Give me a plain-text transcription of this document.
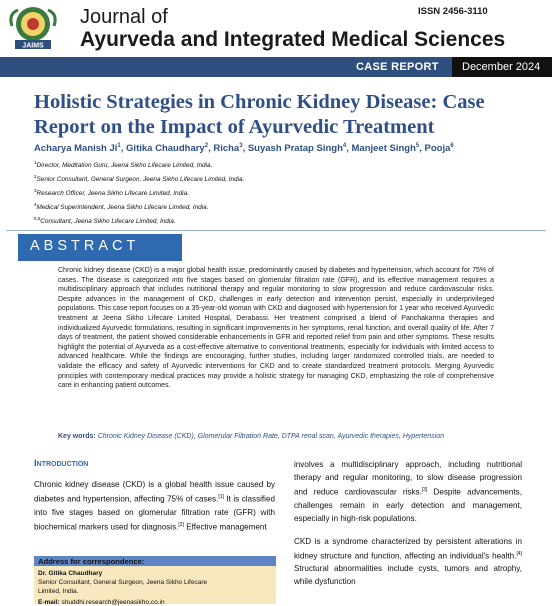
JAIMS
Journal of
Ayurveda and Integrated Medical Sciences
ISSN 2456-3110
CASE REPORT December 2024
Holistic Strategies in Chronic Kidney Disease: Case
Report on the Impact of Ayurvedic Treatment
Acharya Manish Ji$^1$, Gitika Chaudhary$^2$, Richa$^3$, Suyash Pratap Singh$^4$, Manjeet Singh$^5$, Pooja$^6$
$^1$Director, Meditation Guru, Jeena Sikho Lifecare Limited, India.
$^2$Senior Consultant, General Surgeon, Jeena Sikho Lifecare Limited, India.
$^3$Research Officer, Jeena Sikho Lifecare Limited, India.
$^4$Medical Superintendent, Jeena Sikho Lifecare Limited, India.
$^{5,6}$Consultant, Jeena Sikho Lifecare Limited, India.
ABSTRACT
Chronic kidney disease (CKD) is a major global health issue, predominantly caused by diabetes and hypertension, which account for 75% of cases. The disease is categorized into five stages based on glomerular filtration rate (GFR), and its effective management requires a multidisciplinary approach that includes nutritional therapy and regular monitoring to slow progression and reduce cardiovascular risks. Despite advances in the management of CKD, challenges in early detection and intervention persist, especially in underprivileged populations. This case report focuses on a 35-year-old woman with CKD and diagnosed with hypertension for 1 year who received Ayurvedic treatment at Jeena Sikho Lifecare Limited Hospital, Derabassi. Her treatment comprised a blend of Panchakarma therapies and individualized Ayurvedic formulations, resulting in significant improvements in her symptoms, renal function, and overall quality of life. After 7 days of treatment, the patient showed considerable enhancements in GFR and reported relief from pain and other symptoms. These results highlight the potential of Ayurveda as a cost-effective alternative to conventional treatments, especially for individuals with limited access to advanced healthcare. While the findings are encouraging, further studies, including larger randomized controlled trials, are needed to validate the efficacy and safety of Ayurvedic interventions for CKD and to create standardized treatment protocols. Merging Ayurvedic principles with contemporary medical practices may provide a holistic strategy for managing CKD, emphasizing the role of comprehensive care in enhancing patient outcomes.
Key words: Chronic Kidney Disease (CKD), Glomerular Filtration Rate, DTPA renal scan, Ayurvedic therapies, Hypertension
Introduction
Chronic kidney disease (CKD) is a global health issue caused by diabetes and hypertension, affecting 75% of cases.[1] It is classified into five stages based on glomerular filtration rate (GFR) with biochemical markers used for diagnosis.[2] Effective management
involves a multidisciplinary approach, including nutritional therapy and regular monitoring, to slow disease progression and reduce cardiovascular risks.[3] Despite advancements, challenges remain in early detection and management, especially in high-risk populations.
CKD is a syndrome characterized by persistent alterations in kidney structure and function, affecting an individual's health.[4] Structural abnormalities include cysts, tumors and atrophy, while dysfunction
Address for correspondence:
Dr. Gitika Chaudhary
Senior Consultant, General Surgeon, Jeena Sikho Lifecare
Limited, India.
E-mail: shuddhi.research@jeenasikho.co.in
